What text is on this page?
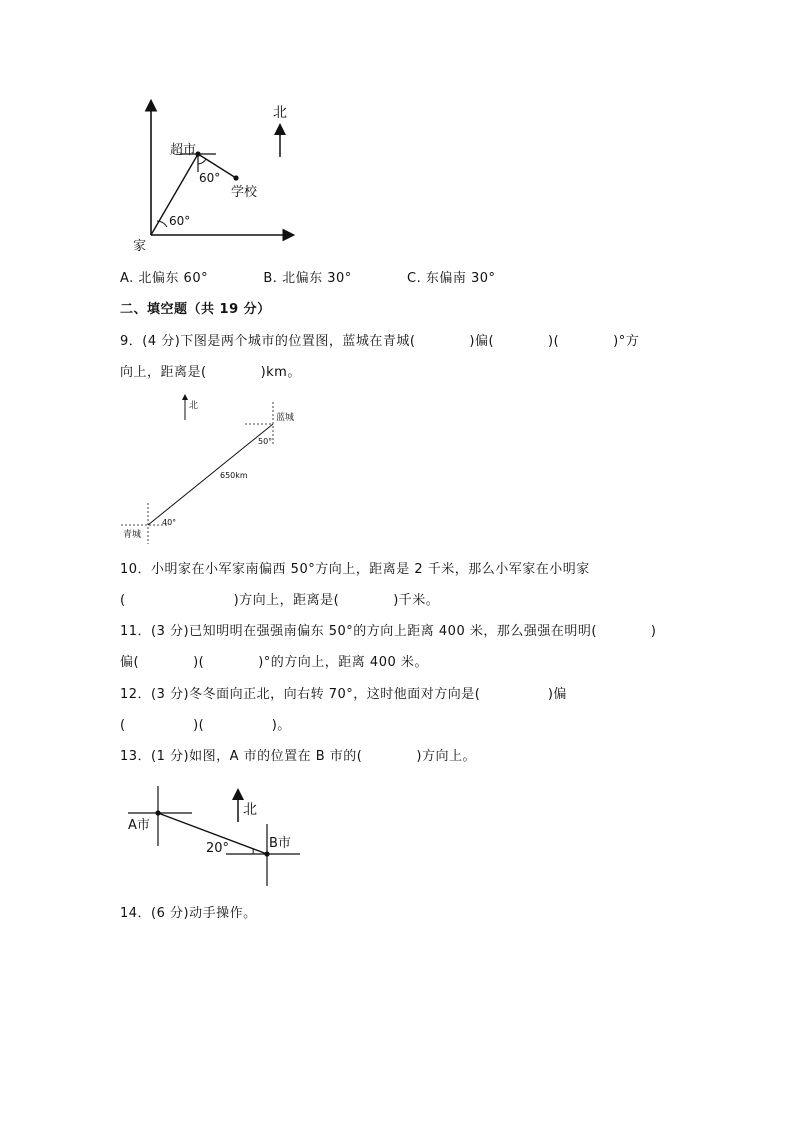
超市
学校
家
60°
60°
北
A. 北偏东 60°	B. 北偏东 30°	C. 东偏南 30°
二、填空题（共 19 分）
9．(4 分)下图是两个城市的位置图，蓝城在青城(　　　　)偏(　　　　)(　　　　)°方
向上，距离是(　　　　)km。
北
650km
50°
40°
蓝城
青城
10．小明家在小军家南偏西 50°方向上，距离是 2 千米，那么小军家在小明家
(　　　　　　　　)方向上，距离是(　　　　)千米。
11．(3 分)已知明明在强强南偏东 50°的方向上距离 400 米，那么强强在明明(　　　　)
偏(　　　　)(　　　　)°的方向上，距离 400 米。
12．(3 分)冬冬面向正北，向右转 70°，这时他面对方向是(　　　　　)偏
(　　　　　)(　　　　　)。
13．(1 分)如图，A 市的位置在 B 市的(　　　　)方向上。
北
A市
B市
20°
14．(6 分)动手操作。
